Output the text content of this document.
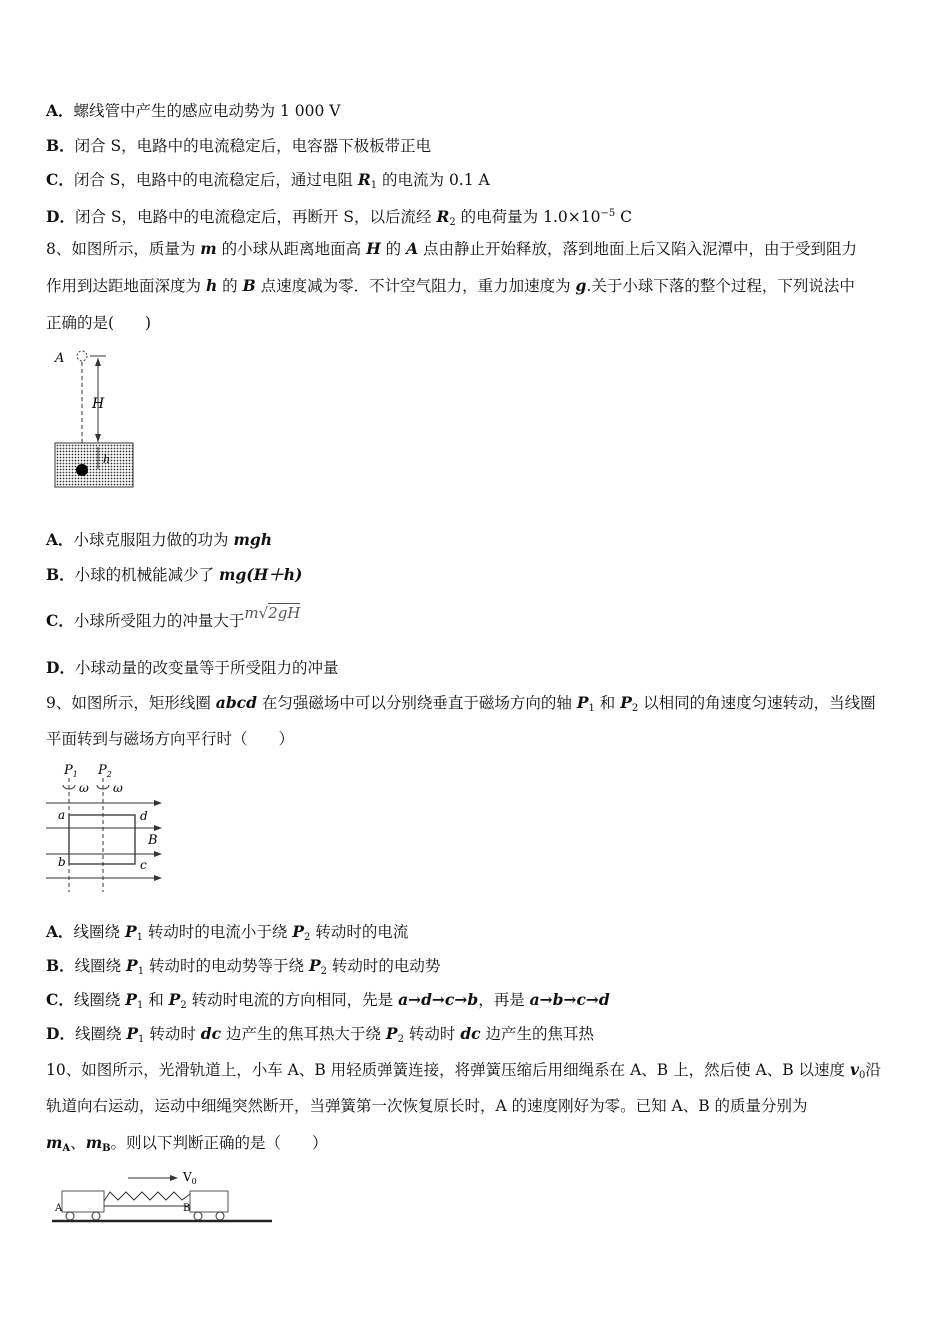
A．螺线管中产生的感应电动势为 1 000 V
B．闭合 S，电路中的电流稳定后，电容器下极板带正电
C．闭合 S，电路中的电流稳定后，通过电阻 $R_1$ 的电流为 0.1 A
D．闭合 S，电路中的电流稳定后，再断开 S，以后流经 $R_2$ 的电荷量为 $1.0\times 10^{-5}$ C
8、如图所示，质量为 m 的小球从距离地面高 H 的 A 点由静止开始释放，落到地面上后又陷入泥潭中，由于受到阻力
作用到达距地面深度为 h 的 B 点速度减为零．不计空气阻力，重力加速度为 g.关于小球下落的整个过程，下列说法中
正确的是(　　)
A
H
h
A．小球克服阻力做的功为 mgh
B．小球的机械能减少了 mg(H＋h)
C．小球所受阻力的冲量大于m√2gH
D．小球动量的改变量等于所受阻力的冲量
9、如图所示，矩形线圈 abcd 在匀强磁场中可以分别绕垂直于磁场方向的轴 $P_1$ 和 $P_2$ 以相同的角速度匀速转动，当线圈
平面转到与磁场方向平行时（　　）
$P_1$ $P_2$
ω ω
a
b	c
d
B
A．线圈绕 $P_1$ 转动时的电流小于绕 $P_2$ 转动时的电流
B．线圈绕 $P_1$ 转动时的电动势等于绕 $P_2$ 转动时的电动势
C．线圈绕 $P_1$ 和 $P_2$ 转动时电流的方向相同，先是 a→d→c→b，再是 a→b→c→d
D．线圈绕 $P_1$ 转动时 dc 边产生的焦耳热大于绕 $P_2$ 转动时 dc 边产生的焦耳热
10、如图所示，光滑轨道上，小车 A、B 用轻质弹簧连接，将弹簧压缩后用细绳系在 A、B 上，然后使 A、B 以速度 $v_0$沿
轨道向右运动，运动中细绳突然断开，当弹簧第一次恢复原长时，A 的速度刚好为零。已知 A、B 的质量分别为
$m_A$、$m_B$。则以下判断正确的是（　　）
$V_0$
A	B
